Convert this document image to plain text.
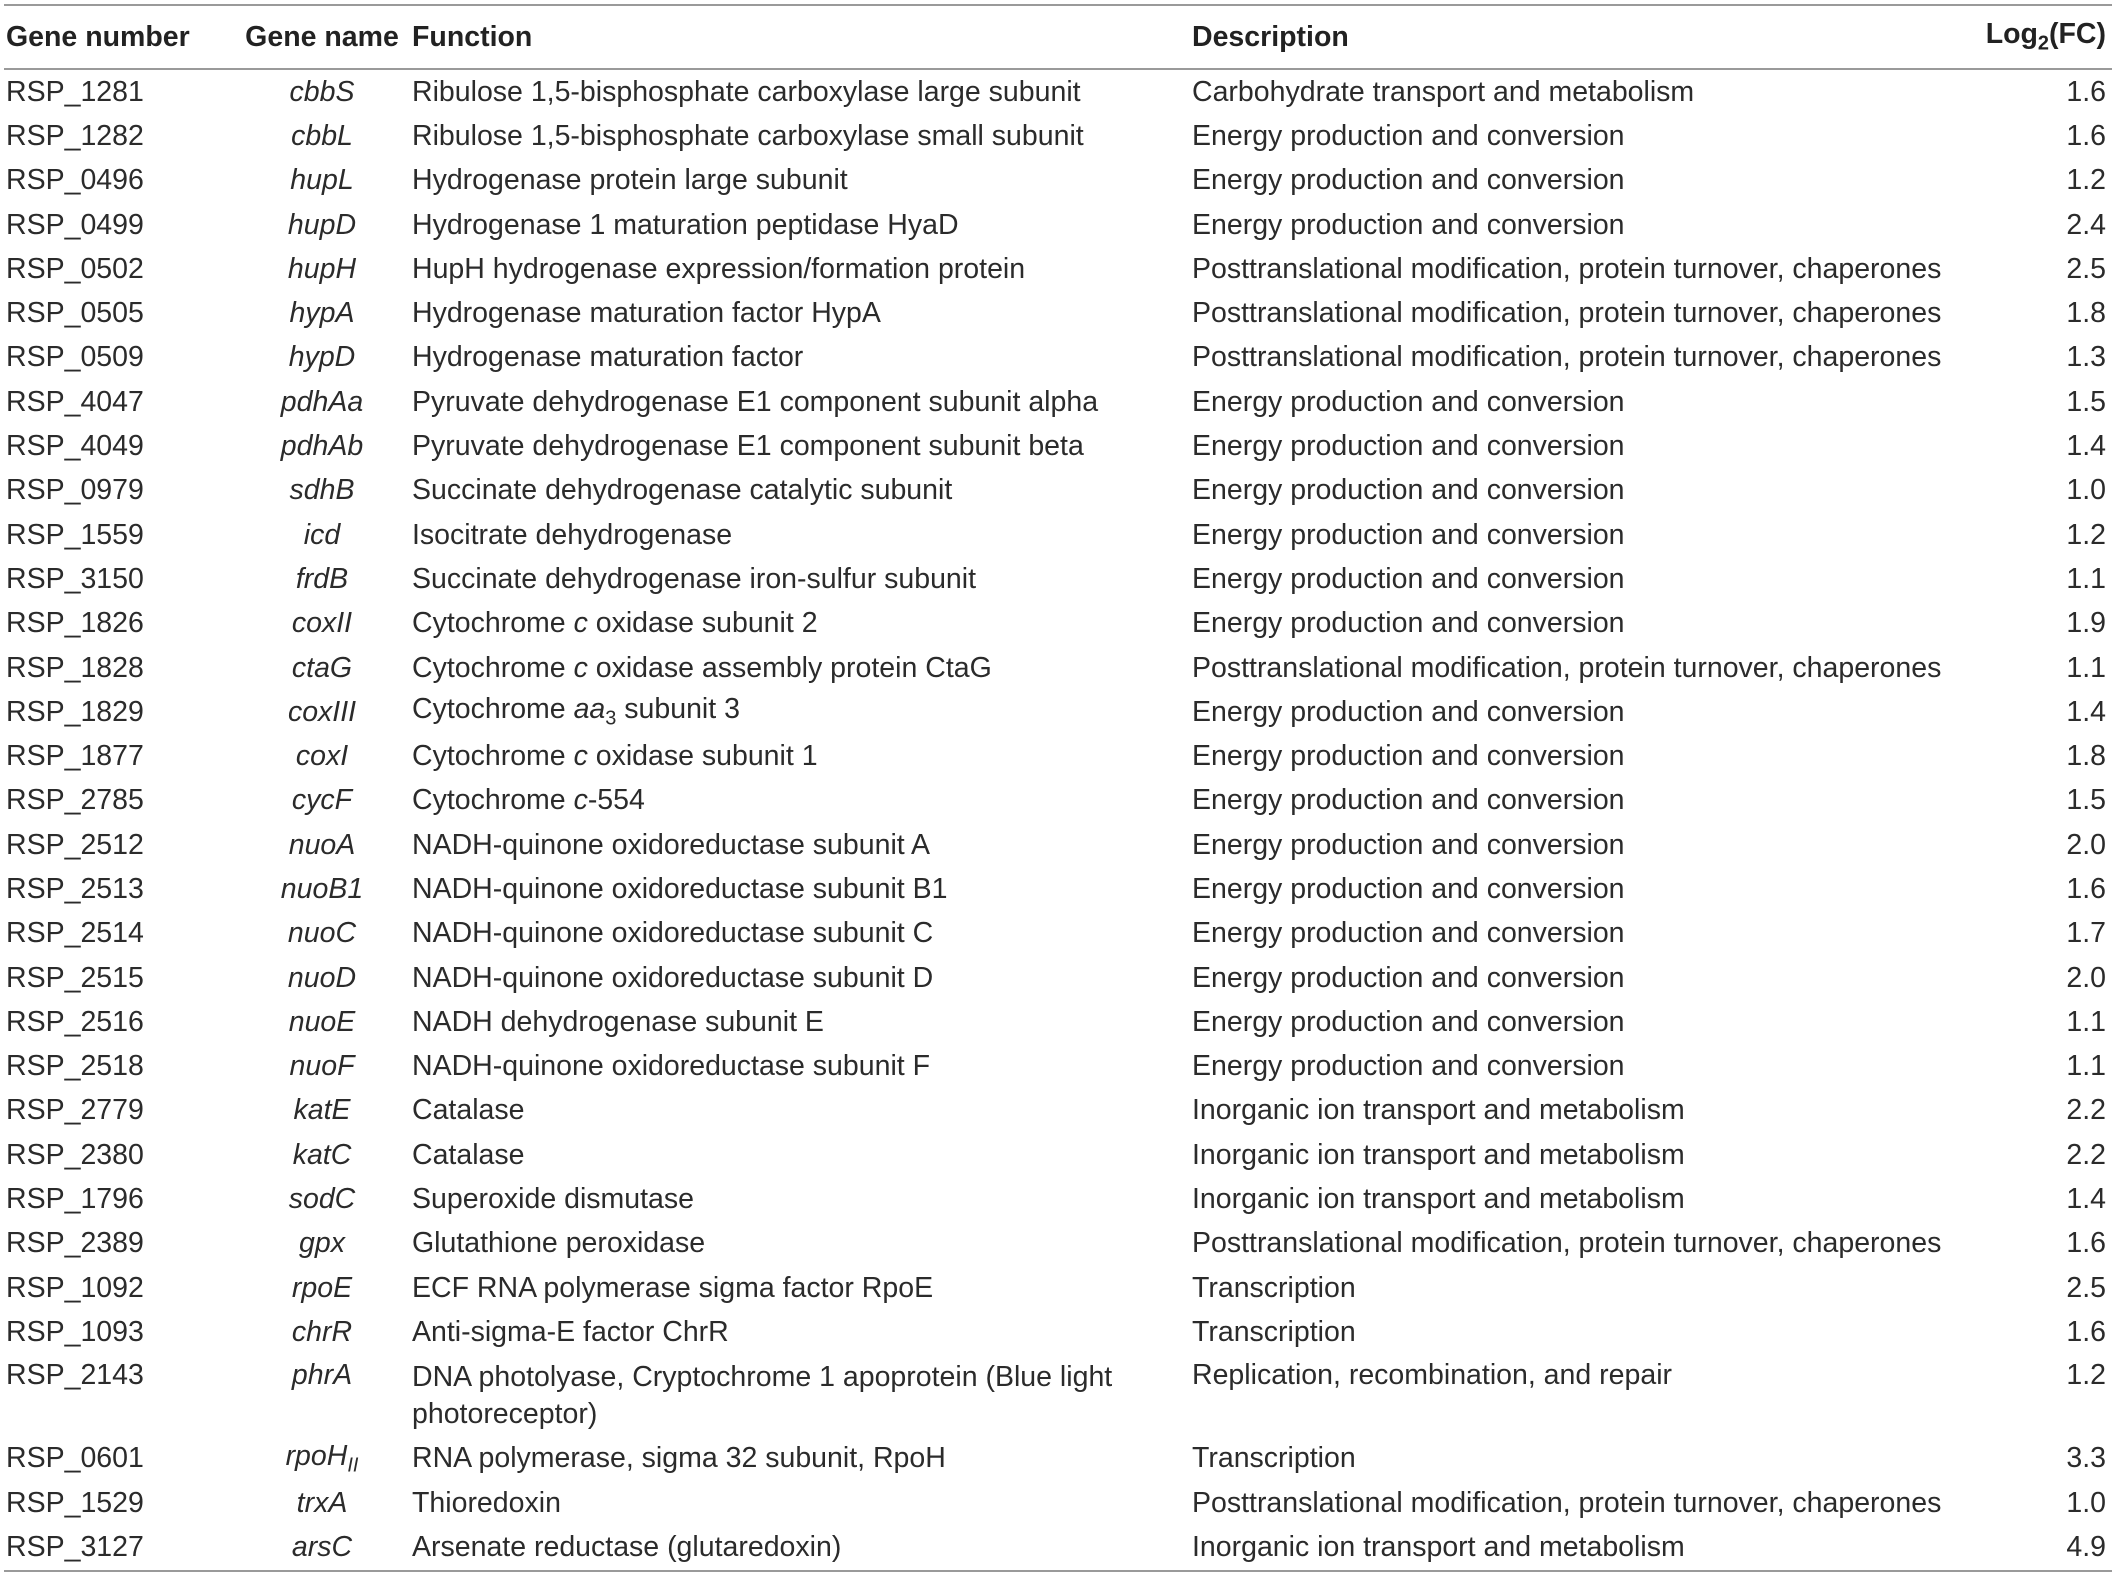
Gene number	Gene name	Function	Description	Log$_2$(FC)
RSP_1281	cbbS	Ribulose 1,5-bisphosphate carboxylase large subunit	Carbohydrate transport and metabolism	1.6
RSP_1282	cbbL	Ribulose 1,5-bisphosphate carboxylase small subunit	Energy production and conversion	1.6
RSP_0496	hupL	Hydrogenase protein large subunit	Energy production and conversion	1.2
RSP_0499	hupD	Hydrogenase 1 maturation peptidase HyaD	Energy production and conversion	2.4
RSP_0502	hupH	HupH hydrogenase expression/formation protein	Posttranslational modification, protein turnover, chaperones	2.5
RSP_0505	hypA	Hydrogenase maturation factor HypA	Posttranslational modification, protein turnover, chaperones	1.8
RSP_0509	hypD	Hydrogenase maturation factor	Posttranslational modification, protein turnover, chaperones	1.3
RSP_4047	pdhAa	Pyruvate dehydrogenase E1 component subunit alpha	Energy production and conversion	1.5
RSP_4049	pdhAb	Pyruvate dehydrogenase E1 component subunit beta	Energy production and conversion	1.4
RSP_0979	sdhB	Succinate dehydrogenase catalytic subunit	Energy production and conversion	1.0
RSP_1559	icd	Isocitrate dehydrogenase	Energy production and conversion	1.2
RSP_3150	frdB	Succinate dehydrogenase iron-sulfur subunit	Energy production and conversion	1.1
RSP_1826	coxII	Cytochrome c oxidase subunit 2	Energy production and conversion	1.9
RSP_1828	ctaG	Cytochrome c oxidase assembly protein CtaG	Posttranslational modification, protein turnover, chaperones	1.1
RSP_1829	coxIII	Cytochrome $aa_3$ subunit 3	Energy production and conversion	1.4
RSP_1877	coxI	Cytochrome c oxidase subunit 1	Energy production and conversion	1.8
RSP_2785	cycF	Cytochrome c-554	Energy production and conversion	1.5
RSP_2512	nuoA	NADH-quinone oxidoreductase subunit A	Energy production and conversion	2.0
RSP_2513	nuoB1	NADH-quinone oxidoreductase subunit B1	Energy production and conversion	1.6
RSP_2514	nuoC	NADH-quinone oxidoreductase subunit C	Energy production and conversion	1.7
RSP_2515	nuoD	NADH-quinone oxidoreductase subunit D	Energy production and conversion	2.0
RSP_2516	nuoE	NADH dehydrogenase subunit E	Energy production and conversion	1.1
RSP_2518	nuoF	NADH-quinone oxidoreductase subunit F	Energy production and conversion	1.1
RSP_2779	katE	Catalase	Inorganic ion transport and metabolism	2.2
RSP_2380	katC	Catalase	Inorganic ion transport and metabolism	2.2
RSP_1796	sodC	Superoxide dismutase	Inorganic ion transport and metabolism	1.4
RSP_2389	gpx	Glutathione peroxidase	Posttranslational modification, protein turnover, chaperones	1.6
RSP_1092	rpoE	ECF RNA polymerase sigma factor RpoE	Transcription	2.5
RSP_1093	chrR	Anti-sigma-E factor ChrR	Transcription	1.6
RSP_2143	phrA	DNA photolyase, Cryptochrome 1 apoprotein (Blue light photoreceptor)	Replication, recombination, and repair	1.2
RSP_0601	rpoH$_{II}$	RNA polymerase, sigma 32 subunit, RpoH	Transcription	3.3
RSP_1529	trxA	Thioredoxin	Posttranslational modification, protein turnover, chaperones	1.0
RSP_3127	arsC	Arsenate reductase (glutaredoxin)	Inorganic ion transport and metabolism	4.9
